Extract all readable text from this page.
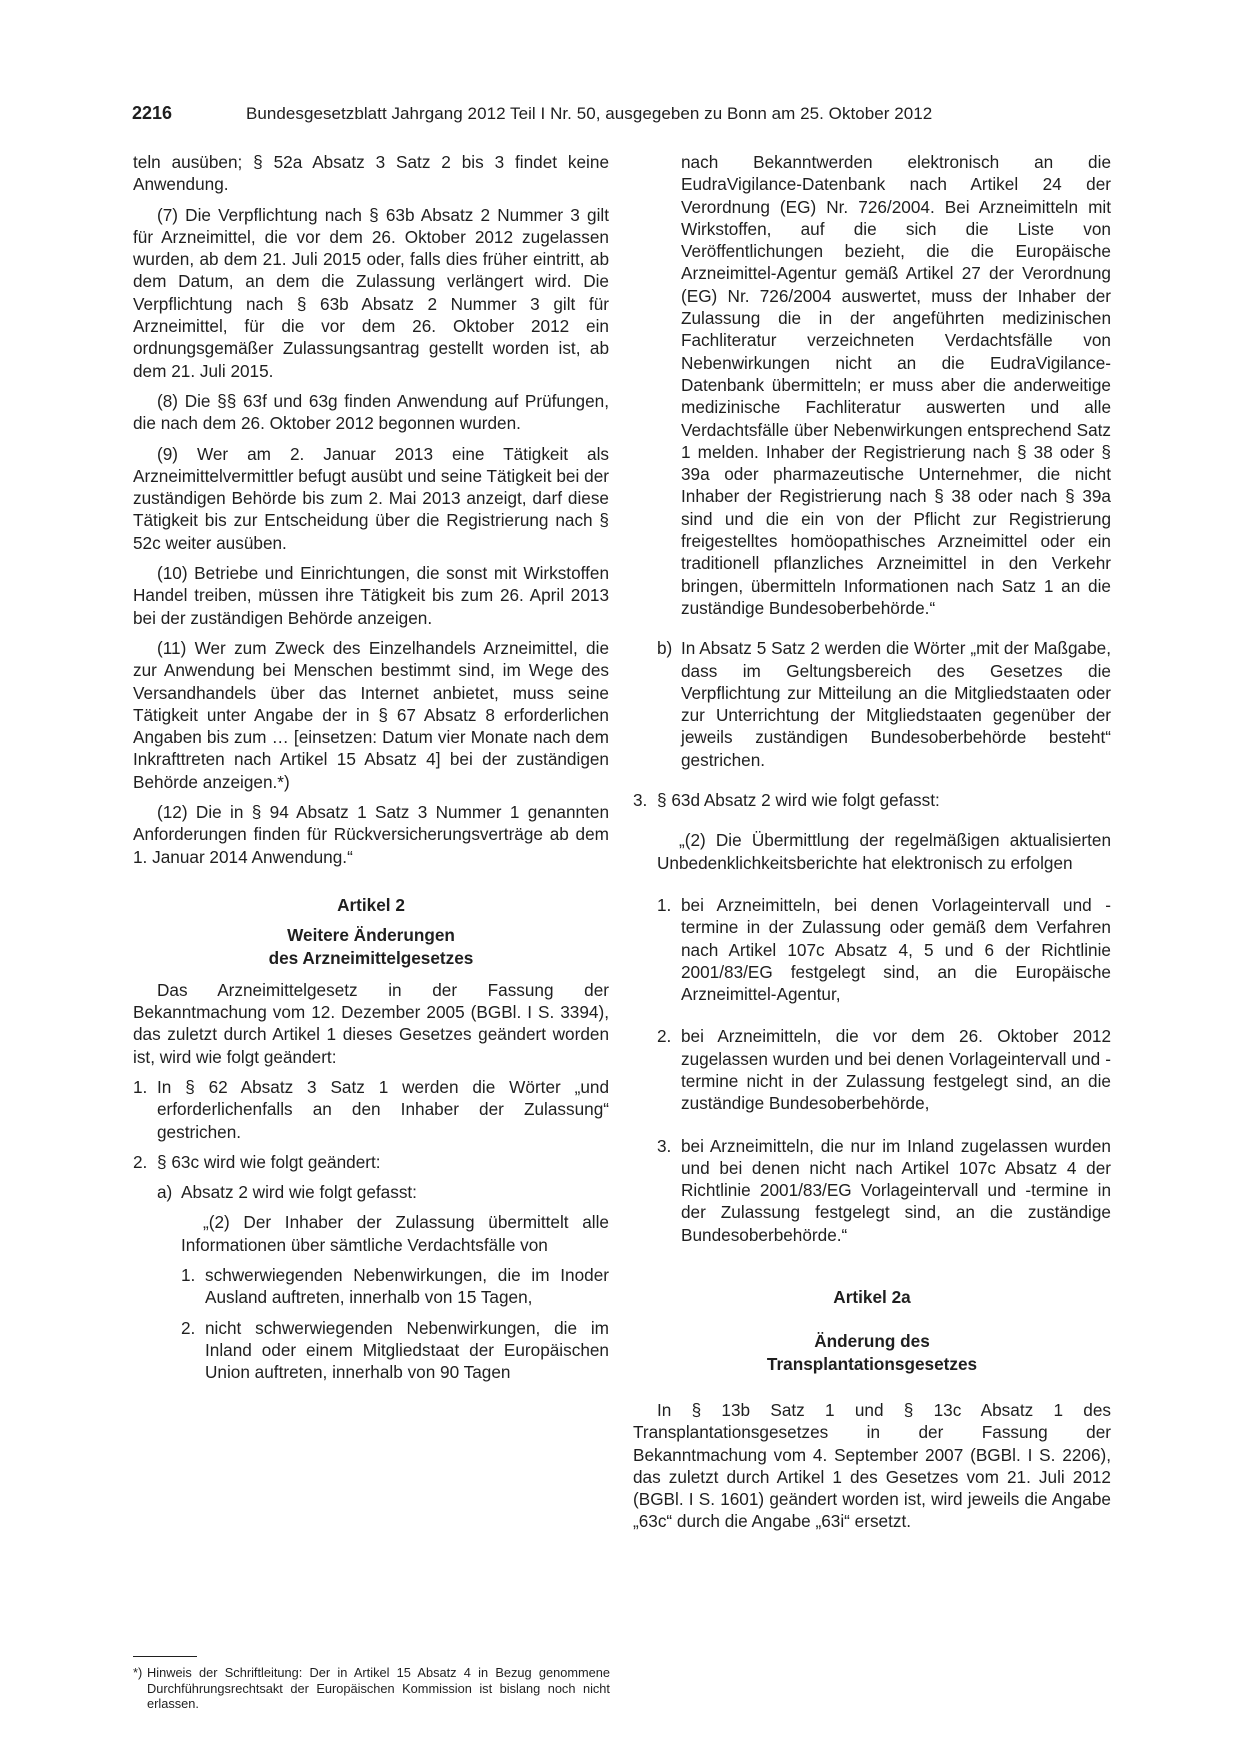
2216	Bundesgesetzblatt Jahrgang 2012 Teil I Nr. 50, ausgegeben zu Bonn am 25. Oktober 2012

teln ausüben; § 52a Absatz 3 Satz 2 bis 3 findet keine Anwendung.

(7) Die Verpflichtung nach § 63b Absatz 2 Nummer 3 gilt für Arzneimittel, die vor dem 26. Oktober 2012 zugelassen wurden, ab dem 21. Juli 2015 oder, falls dies früher eintritt, ab dem Datum, an dem die Zulassung verlängert wird. Die Verpflichtung nach § 63b Absatz 2 Nummer 3 gilt für Arzneimittel, für die vor dem 26. Oktober 2012 ein ordnungsgemäßer Zulassungsantrag gestellt worden ist, ab dem 21. Juli 2015.

(8) Die §§ 63f und 63g finden Anwendung auf Prüfungen, die nach dem 26. Oktober 2012 begonnen wurden.

(9) Wer am 2. Januar 2013 eine Tätigkeit als Arzneimittelvermittler befugt ausübt und seine Tätigkeit bei der zuständigen Behörde bis zum 2. Mai 2013 anzeigt, darf diese Tätigkeit bis zur Entscheidung über die Registrierung nach § 52c weiter ausüben.

(10) Betriebe und Einrichtungen, die sonst mit Wirkstoffen Handel treiben, müssen ihre Tätigkeit bis zum 26. April 2013 bei der zuständigen Behörde anzeigen.

(11) Wer zum Zweck des Einzelhandels Arzneimittel, die zur Anwendung bei Menschen bestimmt sind, im Wege des Versandhandels über das Internet anbietet, muss seine Tätigkeit unter Angabe der in § 67 Absatz 8 erforderlichen Angaben bis zum … [einsetzen: Datum vier Monate nach dem Inkrafttreten nach Artikel 15 Absatz 4] bei der zuständigen Behörde anzeigen.*)

(12) Die in § 94 Absatz 1 Satz 3 Nummer 1 genannten Anforderungen finden für Rückversicherungsverträge ab dem 1. Januar 2014 Anwendung.“

Artikel 2
Weitere Änderungen
des Arzneimittelgesetzes

Das Arzneimittelgesetz in der Fassung der Bekanntmachung vom 12. Dezember 2005 (BGBl. I S. 3394), das zuletzt durch Artikel 1 dieses Gesetzes geändert worden ist, wird wie folgt geändert:

1. In § 62 Absatz 3 Satz 1 werden die Wörter „und erforderlichenfalls an den Inhaber der Zulassung“ gestrichen.
2. § 63c wird wie folgt geändert:
a) Absatz 2 wird wie folgt gefasst:

„(2) Der Inhaber der Zulassung übermittelt alle Informationen über sämtliche Verdachtsfälle von

1. schwerwiegenden Nebenwirkungen, die im Inoder Ausland auftreten, innerhalb von 15 Tagen,
2. nicht schwerwiegenden Nebenwirkungen, die im Inland oder einem Mitgliedstaat der Europäischen Union auftreten, innerhalb von 90 Tagen

nach Bekanntwerden elektronisch an die EudraVigilance-Datenbank nach Artikel 24 der Verordnung (EG) Nr. 726/2004. Bei Arzneimitteln mit Wirkstoffen, auf die sich die Liste von Veröffentlichungen bezieht, die die Europäische Arzneimittel-Agentur gemäß Artikel 27 der Verordnung (EG) Nr. 726/2004 auswertet, muss der Inhaber der Zulassung die in der angeführten medizinischen Fachliteratur verzeichneten Verdachtsfälle von Nebenwirkungen nicht an die EudraVigilance-Datenbank übermitteln; er muss aber die anderweitige medizinische Fachliteratur auswerten und alle Verdachtsfälle über Nebenwirkungen entsprechend Satz 1 melden. Inhaber der Registrierung nach § 38 oder § 39a oder pharmazeutische Unternehmer, die nicht Inhaber der Registrierung nach § 38 oder nach § 39a sind und die ein von der Pflicht zur Registrierung freigestelltes homöopathisches Arzneimittel oder ein traditionell pflanzliches Arzneimittel in den Verkehr bringen, übermitteln Informationen nach Satz 1 an die zuständige Bundesoberbehörde.“

b) In Absatz 5 Satz 2 werden die Wörter „mit der Maßgabe, dass im Geltungsbereich des Gesetzes die Verpflichtung zur Mitteilung an die Mitgliedstaaten oder zur Unterrichtung der Mitgliedstaaten gegenüber der jeweils zuständigen Bundesoberbehörde besteht“ gestrichen.
3. § 63d Absatz 2 wird wie folgt gefasst:

„(2) Die Übermittlung der regelmäßigen aktualisierten Unbedenklichkeitsberichte hat elektronisch zu erfolgen

1. bei Arzneimitteln, bei denen Vorlageintervall und -termine in der Zulassung oder gemäß dem Verfahren nach Artikel 107c Absatz 4, 5 und 6 der Richtlinie 2001/83/EG festgelegt sind, an die Europäische Arzneimittel-Agentur,
2. bei Arzneimitteln, die vor dem 26. Oktober 2012 zugelassen wurden und bei denen Vorlageintervall und -termine nicht in der Zulassung festgelegt sind, an die zuständige Bundesoberbehörde,
3. bei Arzneimitteln, die nur im Inland zugelassen wurden und bei denen nicht nach Artikel 107c Absatz 4 der Richtlinie 2001/83/EG Vorlageintervall und -termine in der Zulassung festgelegt sind, an die zuständige Bundesoberbehörde.“
Artikel 2a
Änderung des
Transplantationsgesetzes

In § 13b Satz 1 und § 13c Absatz 1 des Transplantationsgesetzes in der Fassung der Bekanntmachung vom 4. September 2007 (BGBl. I S. 2206), das zuletzt durch Artikel 1 des Gesetzes vom 21. Juli 2012 (BGBl. I S. 1601) geändert worden ist, wird jeweils die Angabe „63c“ durch die Angabe „63i“ ersetzt.

*) Hinweis der Schriftleitung: Der in Artikel 15 Absatz 4 in Bezug genommene Durchführungsrechtsakt der Europäischen Kommission ist bislang noch nicht erlassen.
